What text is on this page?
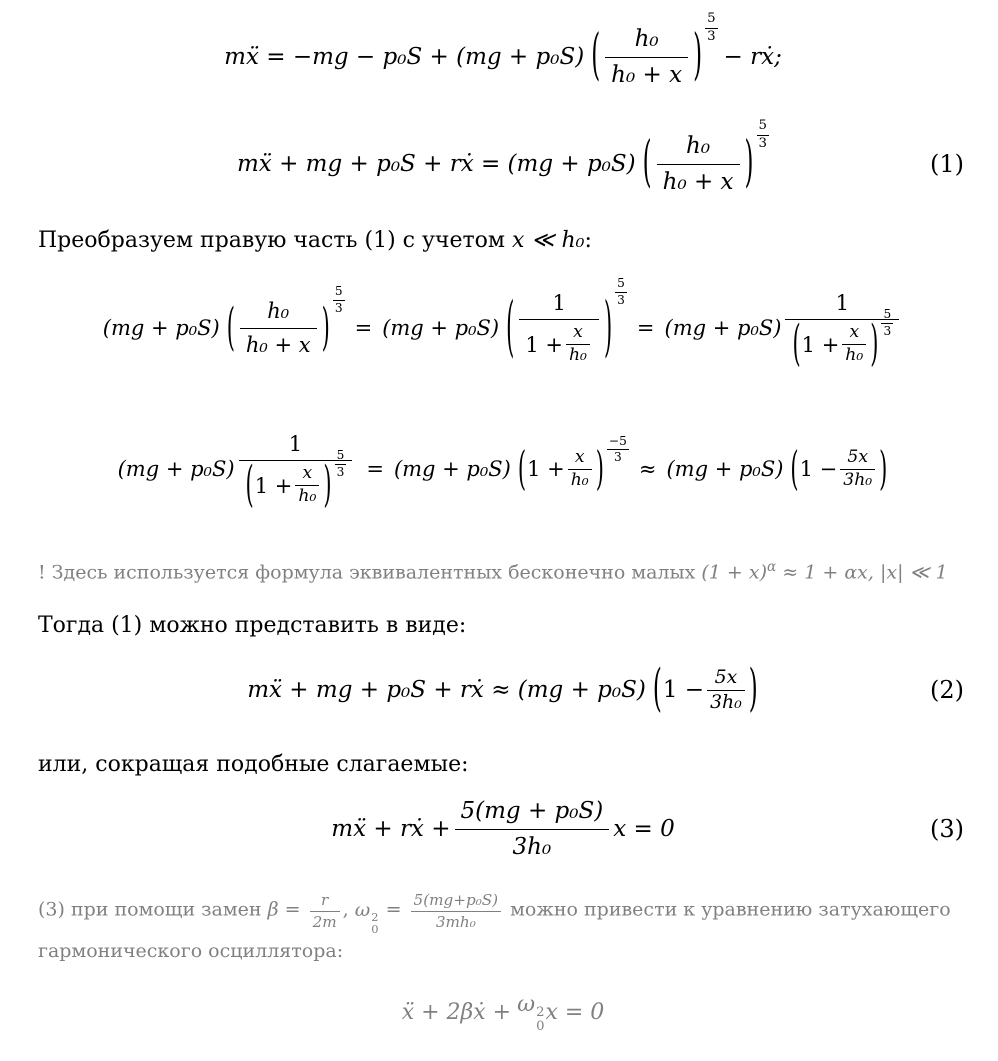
mẍ = −mg − p₀S + (mg + p₀S) ( $\frac{\text{h₀}}{\text{h₀ + x}}$ ) $\frac{5}{3}$
− rẋ;
mẍ + mg + p₀S + rẋ = (mg + p₀S) ( $\frac{\text{h₀}}{\text{h₀ + x}}$ ) $\frac{5}{3}$
(1)

Преобразуем правую часть (1) с учетом x ≪ h₀:

(mg + p₀S) ( $\frac{\text{h₀}}{\text{h₀ + x}}$ ) $\frac{5}{3}$
= (mg + p₀S) ( $\frac{1}{1 + \frac{x}{\text{h₀}}}$ ) $\frac{5}{3}$
= (mg + p₀S)
1
( $1 + \frac{x}{\text{h₀}}$ ) $\frac{5}{3}$
(mg + p₀S)
1
( $1 + \frac{x}{\text{h₀}}$ ) $\frac{5}{3} = (mg + p_0S)$ ( $1 + \frac{x}{\text{h₀}}$ ) $\frac{-5}{3}$
≈ (mg + p₀S) ( $1 - \frac{5x}{\text{3h₀}}$ )

! Здесь используется формула эквивалентных бесконечно малых $(1 + x)^\alpha \approx 1 + \alpha x$, |x| ≪ 1

Тогда (1) можно представить в виде:

mẍ + mg + p₀S + rẋ ≈ (mg + p₀S) ( $1 - \frac{5x}{\text{3h₀}}$ )	(2)

или, сокращая подобные слагаемые:

mẍ + rẋ + $\frac{\text{5(mg + p₀S)}}{\text{3h₀}}$ x = 0	(3)
(3) при помощи замен $\beta = \frac{r}{2m}$ , ω 2
0
= $\frac{\text{5(mg+p₀S)}}{\text{3mh₀}}$ можно привести к уравнению затухающего
гармонического осциллятора:
ẍ + 2βẋ + ω 2
0
x = 0
